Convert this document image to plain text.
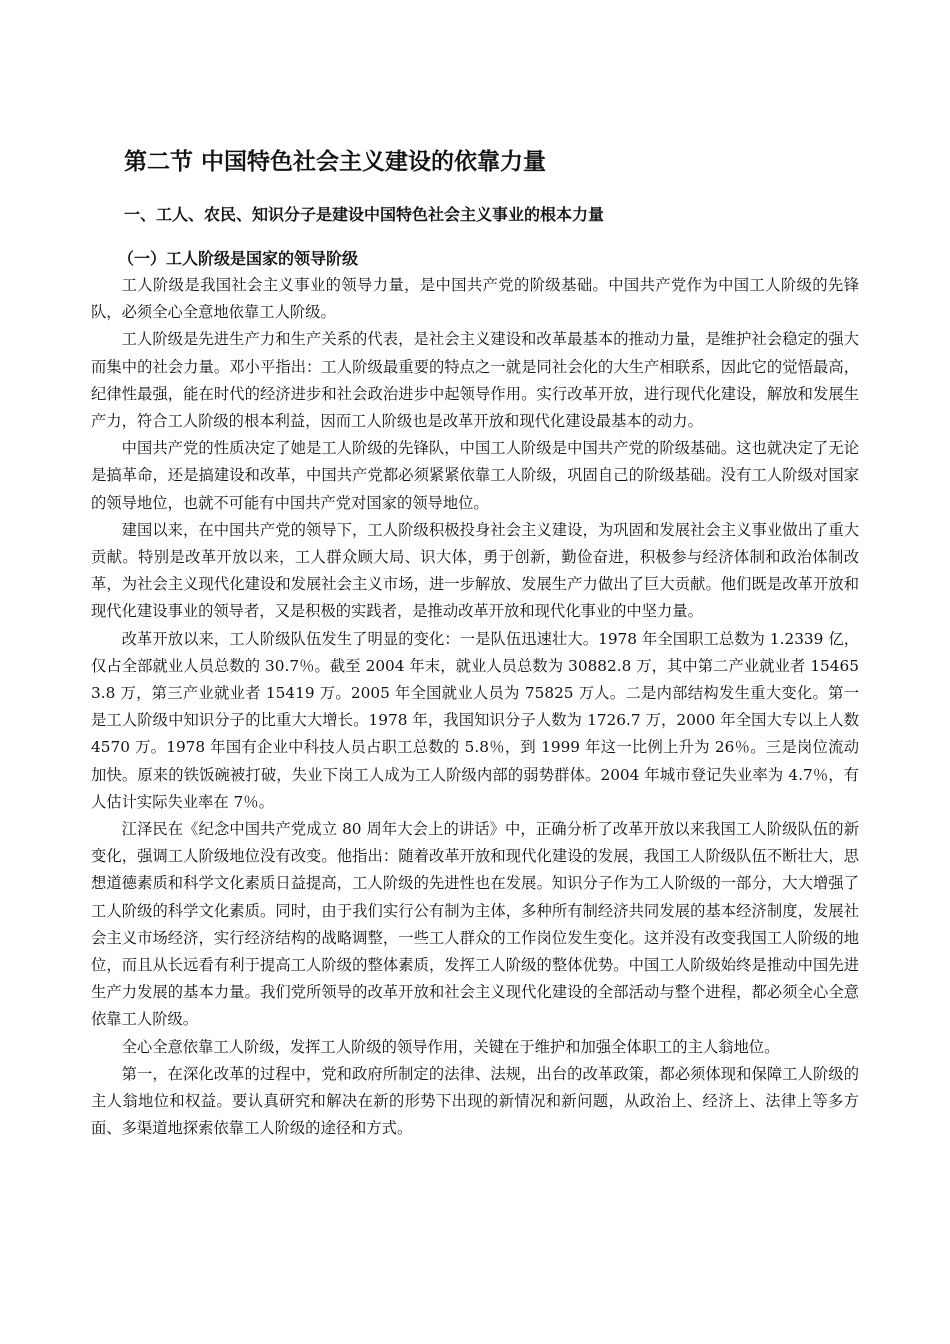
第二节 中国特色社会主义建设的依靠力量
一、工人、农民、知识分子是建设中国特色社会主义事业的根本力量
（一）工人阶级是国家的领导阶级

工人阶级是我国社会主义事业的领导力量，是中国共产党的阶级基础。中国共产党作为中国工人阶级的先锋队，必须全心全意地依靠工人阶级。

工人阶级是先进生产力和生产关系的代表，是社会主义建设和改革最基本的推动力量，是维护社会稳定的强大而集中的社会力量。邓小平指出：工人阶级最重要的特点之一就是同社会化的大生产相联系，因此它的觉悟最高，纪律性最强，能在时代的经济进步和社会政治进步中起领导作用。实行改革开放，进行现代化建设，解放和发展生产力，符合工人阶级的根本利益，因而工人阶级也是改革开放和现代化建设最基本的动力。

中国共产党的性质决定了她是工人阶级的先锋队，中国工人阶级是中国共产党的阶级基础。这也就决定了无论是搞革命，还是搞建设和改革，中国共产党都必须紧紧依靠工人阶级，巩固自己的阶级基础。没有工人阶级对国家的领导地位，也就不可能有中国共产党对国家的领导地位。

建国以来，在中国共产党的领导下，工人阶级积极投身社会主义建设，为巩固和发展社会主义事业做出了重大贡献。特别是改革开放以来，工人群众顾大局、识大体，勇于创新，勤俭奋进，积极参与经济体制和政治体制改革，为社会主义现代化建设和发展社会主义市场，进一步解放、发展生产力做出了巨大贡献。他们既是改革开放和现代化建设事业的领导者，又是积极的实践者，是推动改革开放和现代化事业的中坚力量。

改革开放以来，工人阶级队伍发生了明显的变化：一是队伍迅速壮大。1978 年全国职工总数为 1.2339 亿，仅占全部就业人员总数的 30.7％。截至 2004 年末，就业人员总数为 30882.8 万，其中第二产业就业者 154653.8 万，第三产业就业者 15419 万。2005 年全国就业人员为 75825 万人。二是内部结构发生重大变化。第一是工人阶级中知识分子的比重大大增长。1978 年，我国知识分子人数为 1726.7 万，2000 年全国大专以上人数 4570 万。1978 年国有企业中科技人员占职工总数的 5.8％，到 1999 年这一比例上升为 26％。三是岗位流动加快。原来的铁饭碗被打破，失业下岗工人成为工人阶级内部的弱势群体。2004 年城市登记失业率为 4.7％，有人估计实际失业率在 7％。

江泽民在《纪念中国共产党成立 80 周年大会上的讲话》中，正确分析了改革开放以来我国工人阶级队伍的新变化，强调工人阶级地位没有改变。他指出：随着改革开放和现代化建设的发展，我国工人阶级队伍不断壮大，思想道德素质和科学文化素质日益提高，工人阶级的先进性也在发展。知识分子作为工人阶级的一部分，大大增强了工人阶级的科学文化素质。同时，由于我们实行公有制为主体，多种所有制经济共同发展的基本经济制度，发展社会主义市场经济，实行经济结构的战略调整，一些工人群众的工作岗位发生变化。这并没有改变我国工人阶级的地位，而且从长远看有利于提高工人阶级的整体素质，发挥工人阶级的整体优势。中国工人阶级始终是推动中国先进生产力发展的基本力量。我们党所领导的改革开放和社会主义现代化建设的全部活动与整个进程，都必须全心全意依靠工人阶级。

全心全意依靠工人阶级，发挥工人阶级的领导作用，关键在于维护和加强全体职工的主人翁地位。

第一，在深化改革的过程中，党和政府所制定的法律、法规，出台的改革政策，都必须体现和保障工人阶级的主人翁地位和权益。要认真研究和解决在新的形势下出现的新情况和新问题，从政治上、经济上、法律上等多方面、多渠道地探索依靠工人阶级的途径和方式。
